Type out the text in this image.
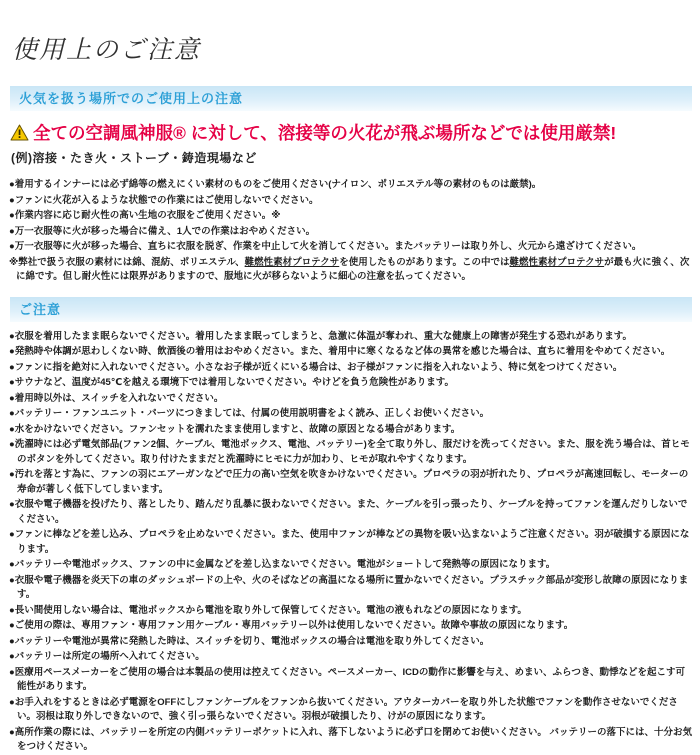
使用上のご注意
火気を扱う場所でのご使用上の注意
全ての空調風神服® に対して、溶接等の火花が飛ぶ場所などでは使用厳禁!
(例)溶接・たき火・ストーブ・鋳造現場など
●着用するインナーには必ず綿等の燃えにくい素材のものをご使用ください(ナイロン、ポリエステル等の素材のものは厳禁)。
●ファンに火花が入るような状態での作業にはご使用しないでください。
●作業内容に応じ耐火性の高い生地の衣服をご使用ください。※
●万一衣服等に火が移った場合に備え、1人での作業はおやめください。
●万一衣服等に火が移った場合、直ちに衣服を脱ぎ、作業を中止して火を消してください。またバッテリーは取り外し、火元から遠ざけてください。

※弊社で扱う衣服の素材には綿、混紡、ポリエステル、難燃性素材プロテクサを使用したものがあります。この中では難燃性素材プロテクサが最も火に強く、次に綿です。但し耐火性には限界がありますので、服地に火が移らないように細心の注意を払ってください。

ご注意
●衣服を着用したまま眠らないでください。着用したまま眠ってしまうと、急激に体温が奪われ、重大な健康上の障害が発生する恐れがあります。
●発熱時や体調が思わしくない時、飲酒後の着用はおやめください。また、着用中に寒くなるなど体の異常を感じた場合は、直ちに着用をやめてください。
●ファンに指を絶対に入れないでください。小さなお子様が近くにいる場合は、お子様がファンに指を入れないよう、特に気をつけてください。
●サウナなど、温度が45℃を越える環境下では着用しないでください。やけどを負う危険性があります。
●着用時以外は、スイッチを入れないでください。
●バッテリー・ファンユニット・パーツにつきましては、付属の使用説明書をよく読み、正しくお使いください。
●水をかけないでください。ファンセットを濡れたまま使用しますと、故障の原因となる場合があります。
●洗濯時には必ず電気部品(ファン2個、ケーブル、電池ボックス、電池、バッテリー)を全て取り外し、服だけを洗ってください。また、服を洗う場合は、首ヒモのボタンを外してください。取り付けたままだと洗濯時にヒモに力が加わり、ヒモが取れやすくなります。
●汚れを落とす為に、ファンの羽にエアーガンなどで圧力の高い空気を吹きかけないでください。プロペラの羽が折れたり、プロペラが高速回転し、モーターの寿命が著しく低下してしまいます。
●衣服や電子機器を投げたり、落としたり、踏んだり乱暴に扱わないでください。また、ケーブルを引っ張ったり、ケーブルを持ってファンを運んだりしないでください。
●ファンに棒などを差し込み、プロペラを止めないでください。また、使用中ファンが棒などの異物を吸い込まないようご注意ください。羽が破損する原因になります。
●バッテリーや電池ボックス、ファンの中に金属などを差し込まないでください。電池がショートして発熱等の原因になります。
●衣服や電子機器を炎天下の車のダッシュボードの上や、火のそばなどの高温になる場所に置かないでください。プラスチック部品が変形し故障の原因になります。
●長い間使用しない場合は、電池ボックスから電池を取り外して保管してください。電池の液もれなどの原因になります。
●ご使用の際は、専用ファン・専用ファン用ケーブル・専用バッテリー以外は使用しないでください。故障や事故の原因になります。
●バッテリーや電池が異常に発熱した時は、スイッチを切り、電池ボックスの場合は電池を取り外してください。
●バッテリーは所定の場所へ入れてください。
●医療用ペースメーカーをご使用の場合は本製品の使用は控えてください。ペースメーカー、ICDの動作に影響を与え、めまい、ふらつき、動悸などを起こす可能性があります。
●お手入れをするときは必ず電源をOFFにしファンケーブルをファンから抜いてください。アウターカバーを取り外した状態でファンを動作させないでください。羽根は取り外しできないので、強く引っ張らないでください。羽根が破損したり、けがの原因になります。
●高所作業の際には、バッテリーを所定の内側バッテリーポケットに入れ、落下しないように必ず口を閉めてお使いください。 バッテリーの落下には、十分お気をつけください。
